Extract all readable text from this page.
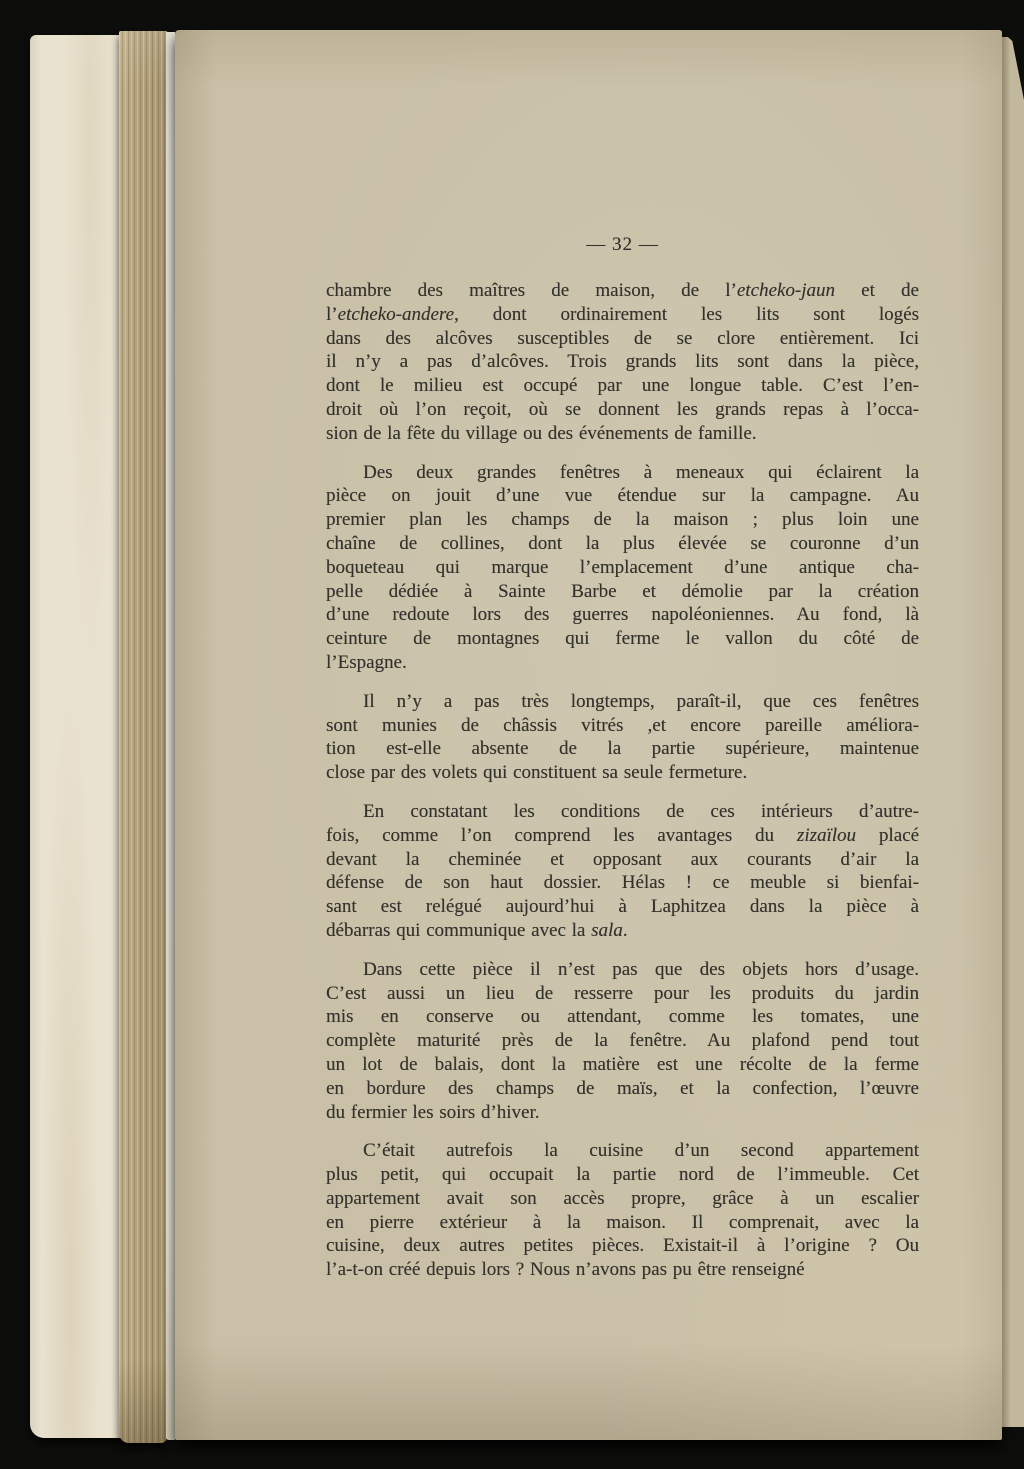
— 32 —
chambre des maîtres de maison, de l’etcheko-jaun et de
l’etcheko-andere, dont ordinairement les lits sont logés
dans des alcôves susceptibles de se clore entièrement. Ici
il n’y a pas d’alcôves. Trois grands lits sont dans la pièce,
dont le milieu est occupé par une longue table. C’est l’en-
droit où l’on reçoit, où se donnent les grands repas à l’occa-
sion de la fête du village ou des événements de famille.
Des deux grandes fenêtres à meneaux qui éclairent la
pièce on jouit d’une vue étendue sur la campagne. Au
premier plan les champs de la maison ; plus loin une
chaîne de collines, dont la plus élevée se couronne d’un
boqueteau qui marque l’emplacement d’une antique cha-
pelle dédiée à Sainte Barbe et démolie par la création
d’une redoute lors des guerres napoléoniennes. Au fond, là
ceinture de montagnes qui ferme le vallon du côté de
l’Espagne.
Il n’y a pas très longtemps, paraît-il, que ces fenêtres
sont munies de châssis vitrés ,et encore pareille améliora-
tion est-elle absente de la partie supérieure, maintenue
close par des volets qui constituent sa seule fermeture.
En constatant les conditions de ces intérieurs d’autre-
fois, comme l’on comprend les avantages du zizaïlou placé
devant la cheminée et opposant aux courants d’air la
défense de son haut dossier. Hélas ! ce meuble si bienfai-
sant est relégué aujourd’hui à Laphitzea dans la pièce à
débarras qui communique avec la sala.
Dans cette pièce il n’est pas que des objets hors d’usage.
C’est aussi un lieu de resserre pour les produits du jardin
mis en conserve ou attendant, comme les tomates, une
complète maturité près de la fenêtre. Au plafond pend tout
un lot de balais, dont la matière est une récolte de la ferme
en bordure des champs de maïs, et la confection, l’œuvre
du fermier les soirs d’hiver.
C’était autrefois la cuisine d’un second appartement
plus petit, qui occupait la partie nord de l’immeuble. Cet
appartement avait son accès propre, grâce à un escalier
en pierre extérieur à la maison. Il comprenait, avec la
cuisine, deux autres petites pièces. Existait-il à l’origine ? Ou
l’a-t-on créé depuis lors ? Nous n’avons pas pu être renseigné
